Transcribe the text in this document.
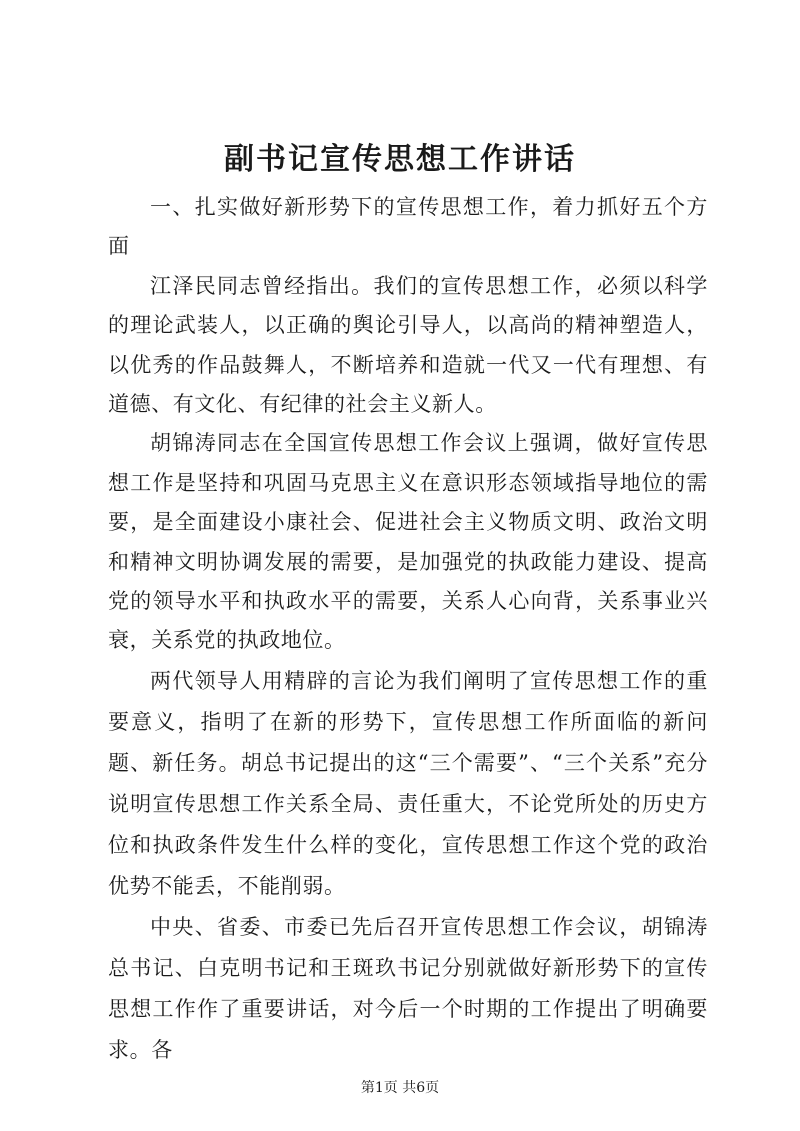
副书记宣传思想工作讲话

一、扎实做好新形势下的宣传思想工作，着力抓好五个方面

江泽民同志曾经指出。我们的宣传思想工作，必须以科学的理论武装人，以正确的舆论引导人，以高尚的精神塑造人，以优秀的作品鼓舞人，不断培养和造就一代又一代有理想、有道德、有文化、有纪律的社会主义新人。

胡锦涛同志在全国宣传思想工作会议上强调，做好宣传思想工作是坚持和巩固马克思主义在意识形态领域指导地位的需要，是全面建设小康社会、促进社会主义物质文明、政治文明和精神文明协调发展的需要，是加强党的执政能力建设、提高党的领导水平和执政水平的需要，关系人心向背，关系事业兴衰，关系党的执政地位。

两代领导人用精辟的言论为我们阐明了宣传思想工作的重要意义，指明了在新的形势下，宣传思想工作所面临的新问题、新任务。胡总书记提出的这“三个需要”、“三个关系”充分说明宣传思想工作关系全局、责任重大，不论党所处的历史方位和执政条件发生什么样的变化，宣传思想工作这个党的政治优势不能丢，不能削弱。

中央、省委、市委已先后召开宣传思想工作会议，胡锦涛总书记、白克明书记和王斑玖书记分别就做好新形势下的宣传思想工作作了重要讲话，对今后一个时期的工作提出了明确要求。各

第1页 共6页
